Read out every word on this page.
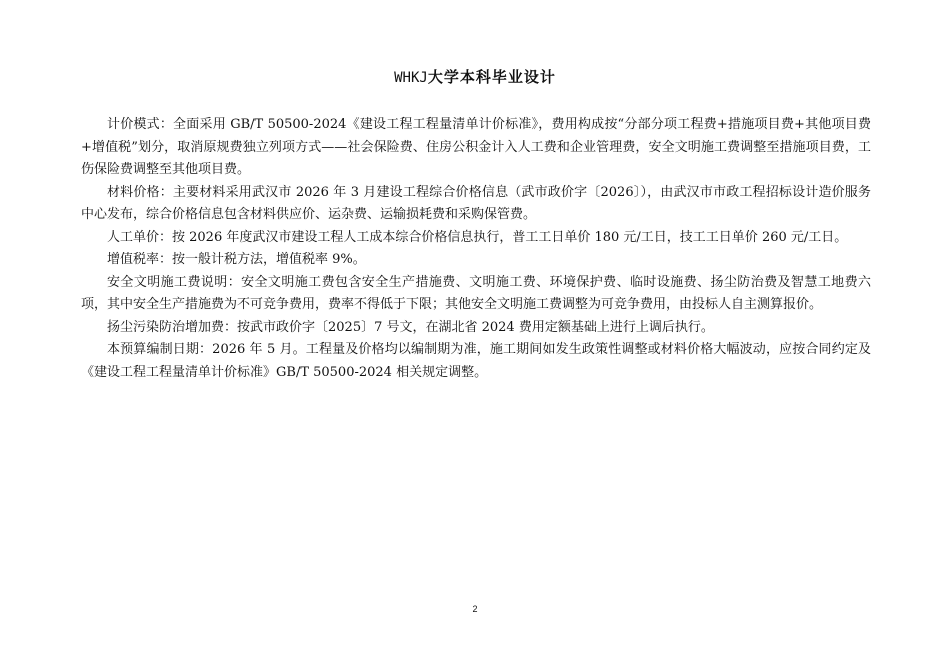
WHKJ大学本科毕业设计

计价模式：全面采用 GB/T 50500-2024《建设工程工程量清单计价标准》，费用构成按“分部分项工程费+措施项目费+其他项目费+增值税”划分，取消原规费独立列项方式——社会保险费、住房公积金计入人工费和企业管理费，安全文明施工费调整至措施项目费，工伤保险费调整至其他项目费。

材料价格：主要材料采用武汉市 2026 年 3 月建设工程综合价格信息（武市政价字〔2026〕），由武汉市市政工程招标设计造价服务中心发布，综合价格信息包含材料供应价、运杂费、运输损耗费和采购保管费。

人工单价：按 2026 年度武汉市建设工程人工成本综合价格信息执行，普工工日单价 180 元/工日，技工工日单价 260 元/工日。

增值税率：按一般计税方法，增值税率 9%。

安全文明施工费说明：安全文明施工费包含安全生产措施费、文明施工费、环境保护费、临时设施费、扬尘防治费及智慧工地费六项，其中安全生产措施费为不可竞争费用，费率不得低于下限；其他安全文明施工费调整为可竞争费用，由投标人自主测算报价。

扬尘污染防治增加费：按武市政价字〔2025〕7 号文，在湖北省 2024 费用定额基础上进行上调后执行。

本预算编制日期：2026 年 5 月。工程量及价格均以编制期为准，施工期间如发生政策性调整或材料价格大幅波动，应按合同约定及《建设工程工程量清单计价标准》GB/T 50500-2024 相关规定调整。

2
